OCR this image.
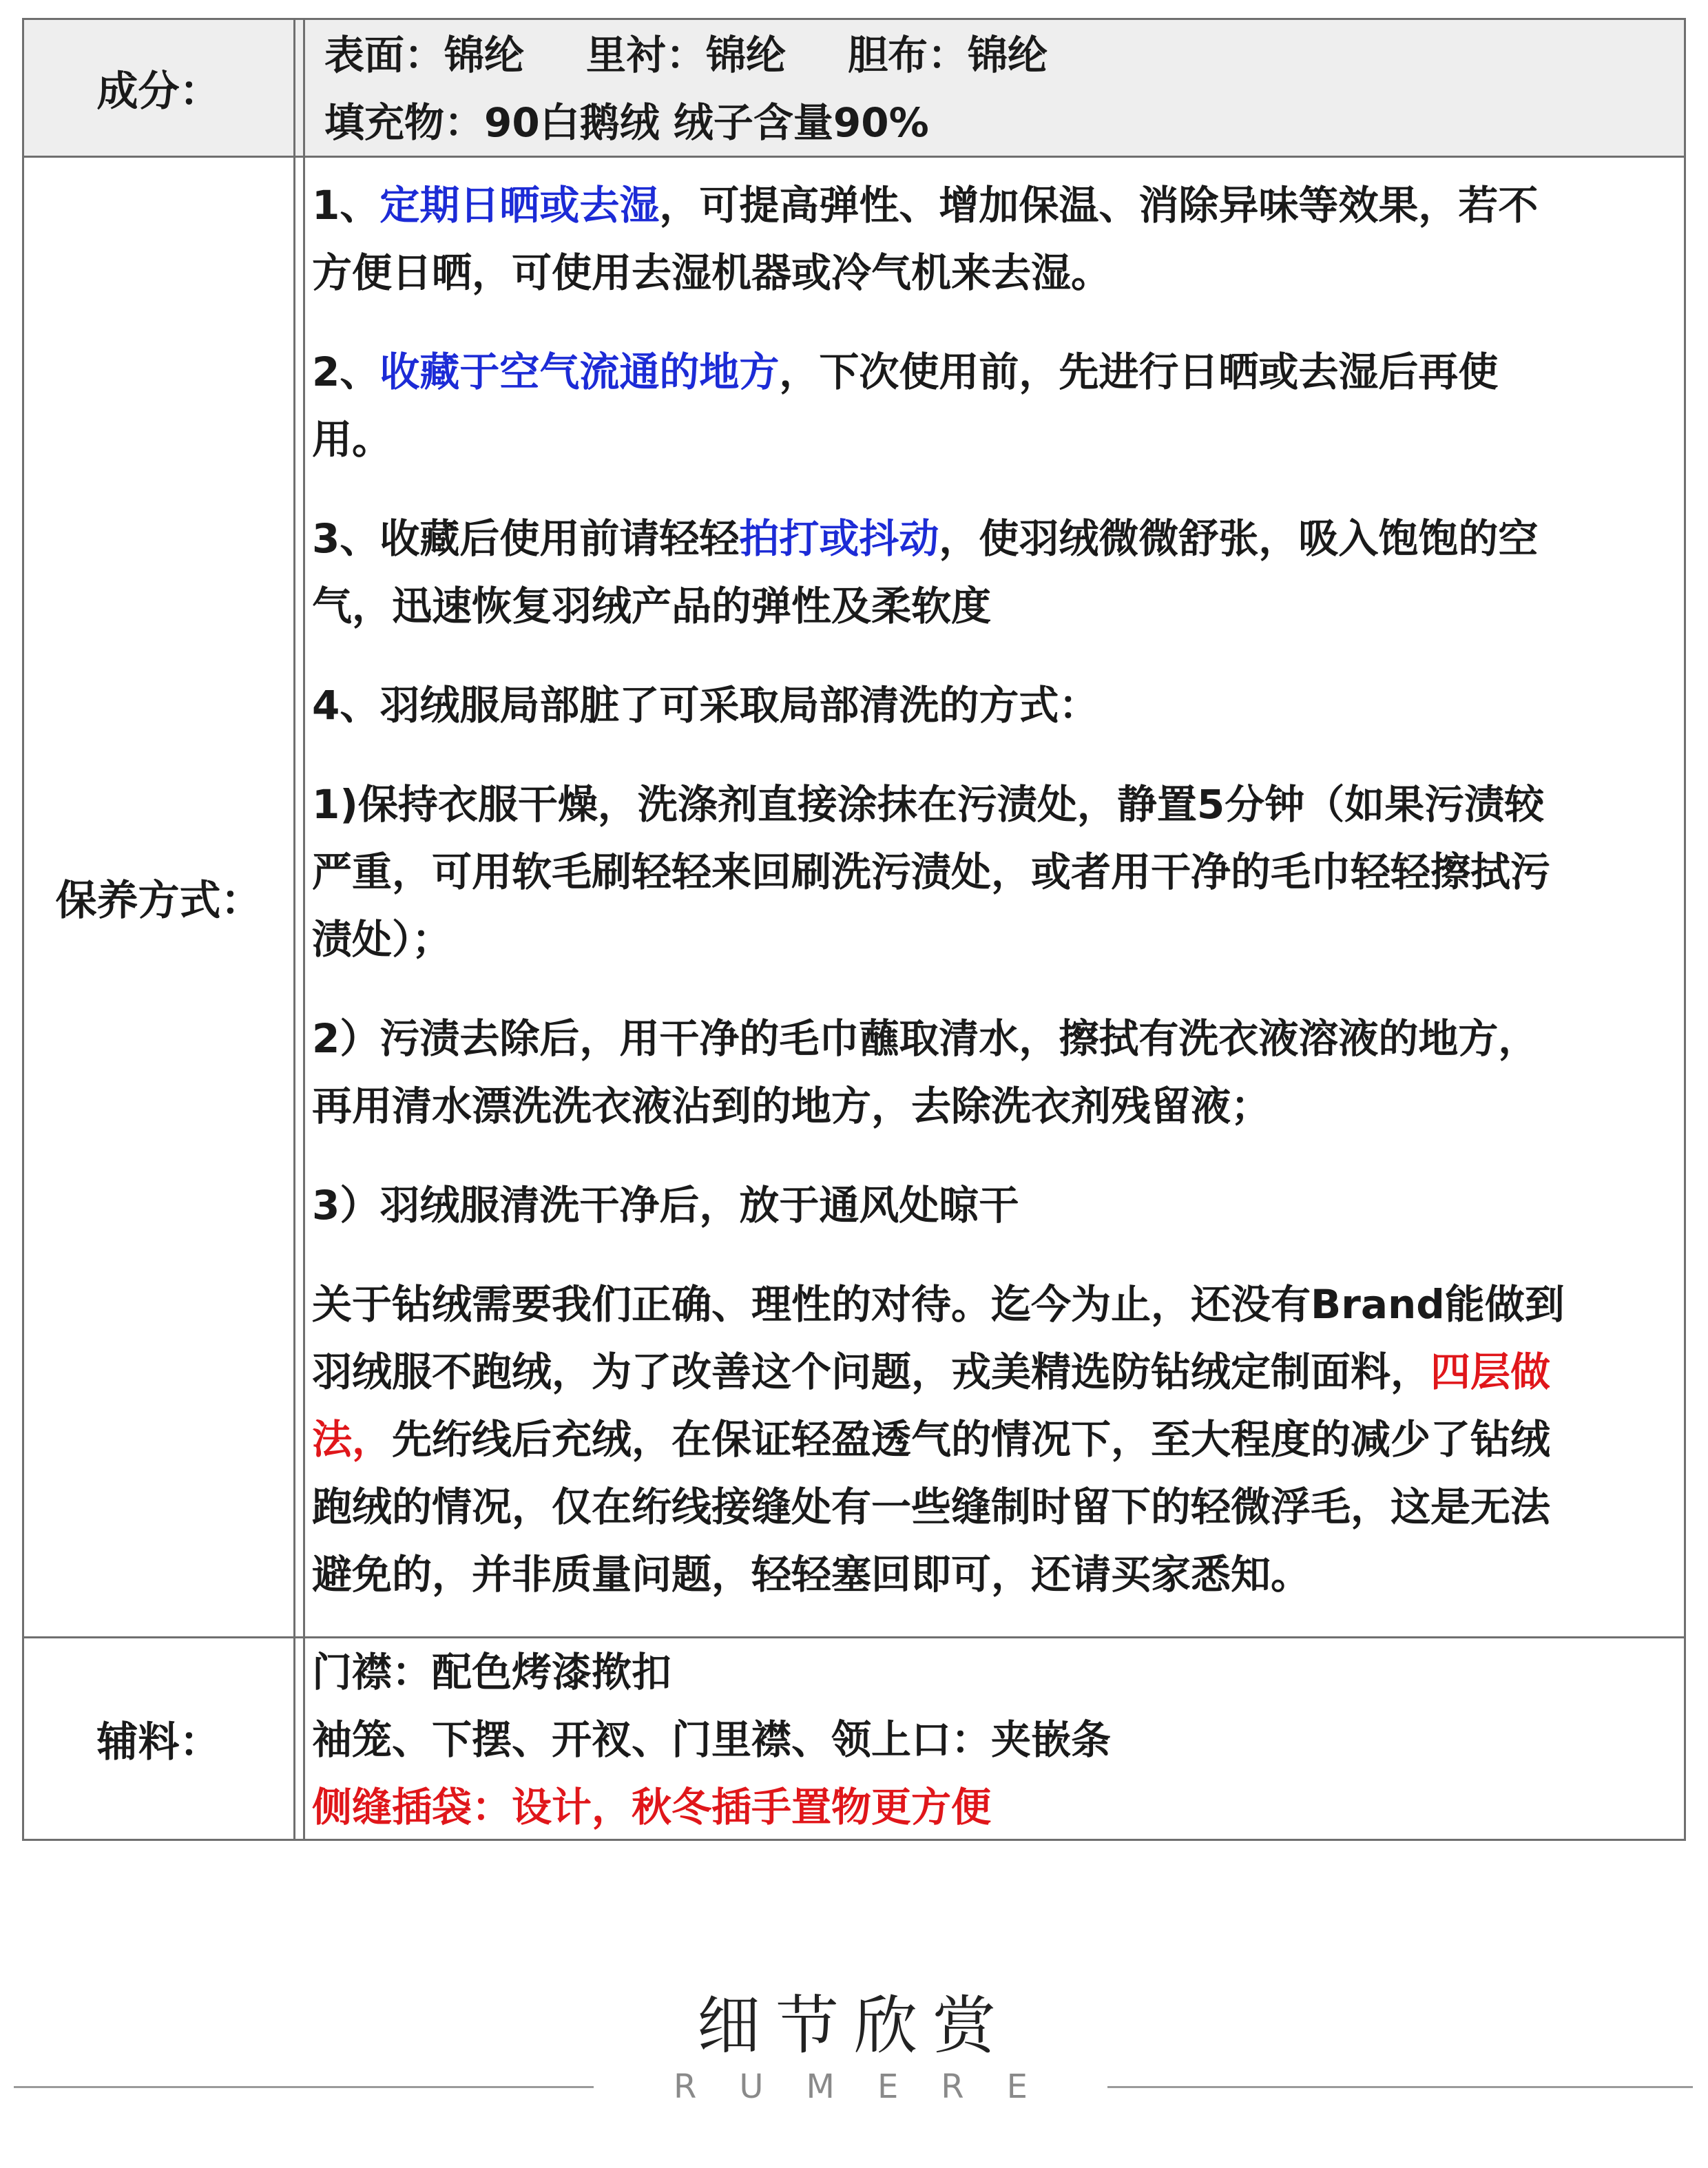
成分：
表面：锦纶 里衬：锦纶 胆布：锦纶
填充物：90白鹅绒 绒子含量90%
保养方式：
1、定期日晒或去湿，可提高弹性、增加保温、消除异味等效果，若不
方便日晒，可使用去湿机器或冷气机来去湿。
2、收藏于空气流通的地方，下次使用前，先进行日晒或去湿后再使
用。
3、收藏后使用前请轻轻拍打或抖动，使羽绒微微舒张，吸入饱饱的空
气，迅速恢复羽绒产品的弹性及柔软度
4、羽绒服局部脏了可采取局部清洗的方式：
1)保持衣服干燥，洗涤剂直接涂抹在污渍处，静置5分钟（如果污渍较
严重，可用软毛刷轻轻来回刷洗污渍处，或者用干净的毛巾轻轻擦拭污
渍处）；
2）污渍去除后，用干净的毛巾蘸取清水，擦拭有洗衣液溶液的地方，
再用清水漂洗洗衣液沾到的地方，去除洗衣剂残留液；
3）羽绒服清洗干净后，放于通风处晾干
关于钻绒需要我们正确、理性的对待。迄今为止，还没有Brand能做到
羽绒服不跑绒，为了改善这个问题，戎美精选防钻绒定制面料，四层做
法，先绗线后充绒，在保证轻盈透气的情况下，至大程度的减少了钻绒
跑绒的情况，仅在绗线接缝处有一些缝制时留下的轻微浮毛，这是无法
避免的，并非质量问题，轻轻塞回即可，还请买家悉知。
辅料：
门襟：配色烤漆揿扣
袖笼、下摆、开衩、门里襟、领上口：夹嵌条
侧缝插袋：设计，秋冬插手置物更方便
细节欣赏
RUMERE
